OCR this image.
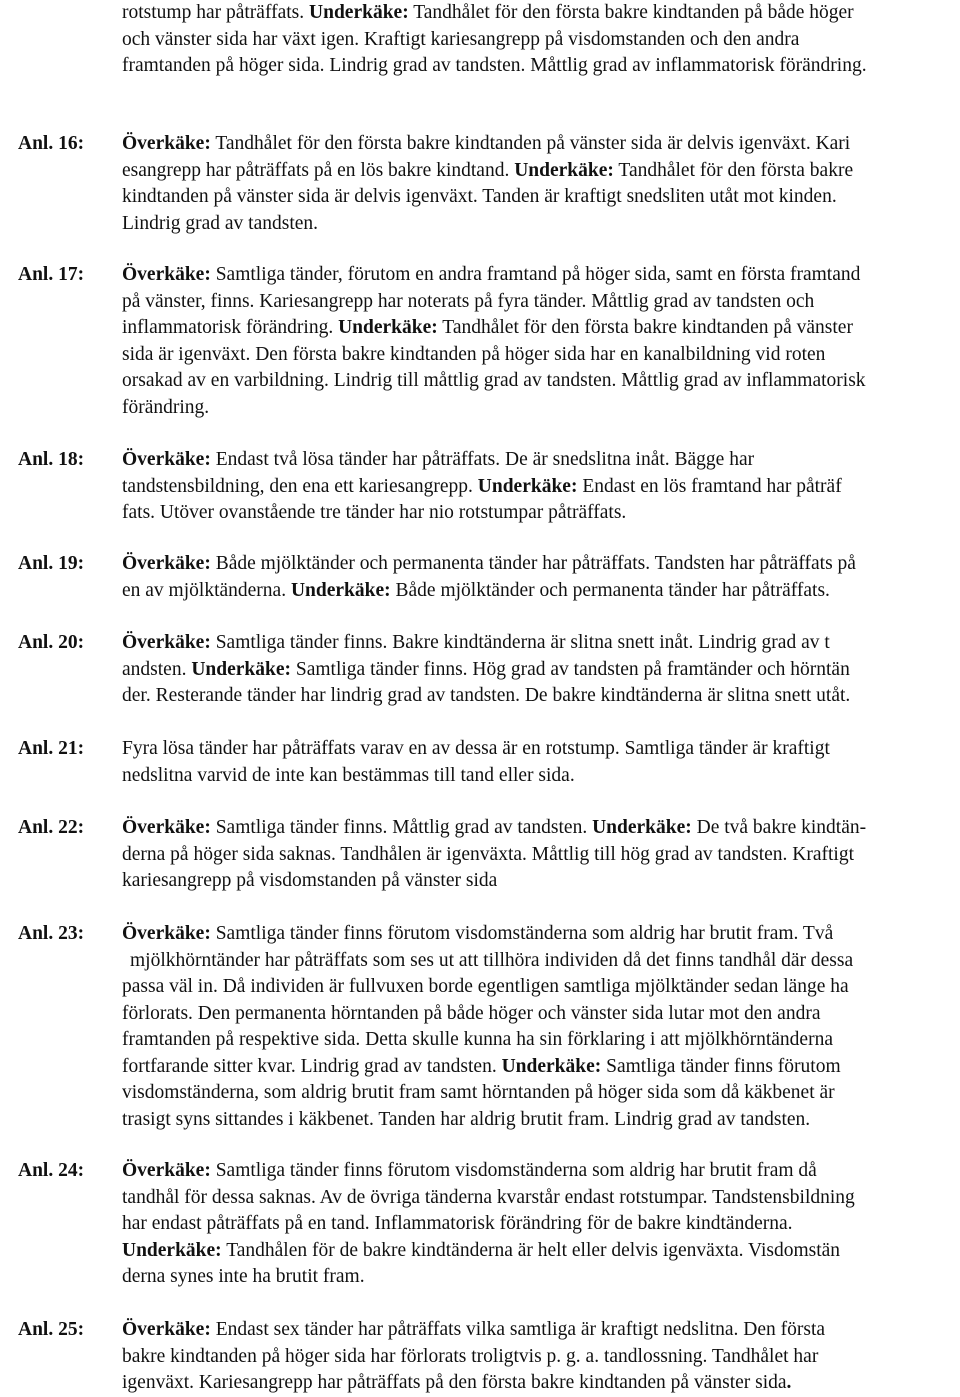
rotstump har påträffats. Underkäke: Tandhålet för den första bakre kindtanden på både höger
och vänster sida har växt igen. Kraftigt kariesangrepp på visdomstanden och den andra
framtanden på höger sida. Lindrig grad av tandsten. Måttlig grad av inflammatorisk förändring.

Anl. 16:	Överkäke: Tandhålet för den första bakre kindtanden på vänster sida är delvis igenväxt. Kari
esangrepp har påträffats på en lös bakre kindtand. Underkäke: Tandhålet för den första bakre
kindtanden på vänster sida är delvis igenväxt. Tanden är kraftigt snedsliten utåt mot kinden.
Lindrig grad av tandsten.

Anl. 17:	Överkäke: Samtliga tänder, förutom en andra framtand på höger sida, samt en första framtand
på vänster, finns. Kariesangrepp har noterats på fyra tänder. Måttlig grad av tandsten och
inflammatorisk förändring. Underkäke: Tandhålet för den första bakre kindtanden på vänster
sida är igenväxt. Den första bakre kindtanden på höger sida har en kanalbildning vid roten
orsakad av en varbildning. Lindrig till måttlig grad av tandsten. Måttlig grad av inflammatorisk
förändring.

Anl. 18:	Överkäke: Endast två lösa tänder har påträffats. De är snedslitna inåt. Bägge har
tandstensbildning, den ena ett kariesangrepp. Underkäke: Endast en lös framtand har påträf
fats. Utöver ovanstående tre tänder har nio rotstumpar påträffats.

Anl. 19:	Överkäke: Både mjölktänder och permanenta tänder har påträffats. Tandsten har påträffats på
en av mjölktänderna. Underkäke: Både mjölktänder och permanenta tänder har påträffats.

Anl. 20:	Överkäke: Samtliga tänder finns. Bakre kindtänderna är slitna snett inåt. Lindrig grad av t
andsten. Underkäke: Samtliga tänder finns. Hög grad av tandsten på framtänder och hörntän
der. Resterande tänder har lindrig grad av tandsten. De bakre kindtänderna är slitna snett utåt.

Anl. 21:	Fyra lösa tänder har påträffats varav en av dessa är en rotstump. Samtliga tänder är kraftigt
nedslitna varvid de inte kan bestämmas till tand eller sida.

Anl. 22:	Överkäke: Samtliga tänder finns. Måttlig grad av tandsten. Underkäke: De två bakre kindtän-
derna på höger sida saknas. Tandhålen är igenväxta. Måttlig till hög grad av tandsten. Kraftigt
kariesangrepp på visdomstanden på vänster sida

Anl. 23:	Överkäke: Samtliga tänder finns förutom visdomständerna som aldrig har brutit fram. Två
mjölkhörntänder har påträffats som ses ut att tillhöra individen då det finns tandhål där dessa
passa väl in. Då individen är fullvuxen borde egentligen samtliga mjölktänder sedan länge ha
förlorats. Den permanenta hörntanden på både höger och vänster sida lutar mot den andra
framtanden på respektive sida. Detta skulle kunna ha sin förklaring i att mjölkhörntänderna
fortfarande sitter kvar. Lindrig grad av tandsten. Underkäke: Samtliga tänder finns förutom
visdomständerna, som aldrig brutit fram samt hörntanden på höger sida som då käkbenet är
trasigt syns sittandes i käkbenet. Tanden har aldrig brutit fram. Lindrig grad av tandsten.

Anl. 24:	Överkäke: Samtliga tänder finns förutom visdomständerna som aldrig har brutit fram då
tandhål för dessa saknas. Av de övriga tänderna kvarstår endast rotstumpar. Tandstensbildning
har endast påträffats på en tand. Inflammatorisk förändring för de bakre kindtänderna.
Underkäke: Tandhålen för de bakre kindtänderna är helt eller delvis igenväxta. Visdomstän
derna synes inte ha brutit fram.

Anl. 25:	Överkäke: Endast sex tänder har påträffats vilka samtliga är kraftigt nedslitna. Den första
bakre kindtanden på höger sida har förlorats troligtvis p. g. a. tandlossning. Tandhålet har
igenväxt. Kariesangrepp har påträffats på den första bakre kindtanden på vänster sida.
